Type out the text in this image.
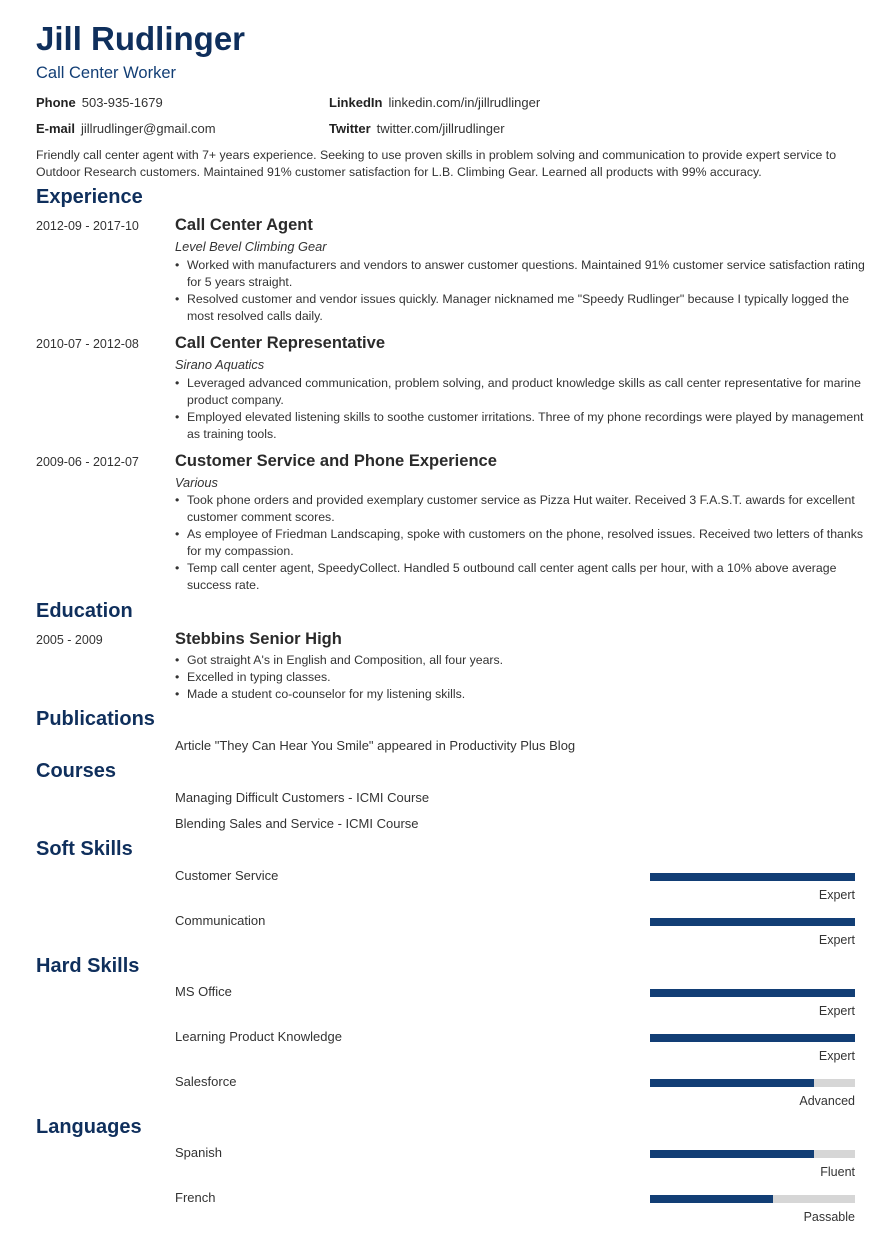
Jill Rudlinger
Call Center Worker
Phone 503-935-1679	LinkedIn linkedin.com/in/jillrudlinger
E-mail jillrudlinger@gmail.com	Twitter twitter.com/jillrudlinger
Friendly call center agent with 7+ years experience. Seeking to use proven skills in problem solving and communication to provide expert service to Outdoor Research customers. Maintained 91% customer satisfaction for L.B. Climbing Gear. Learned all products with 99% accuracy.
Experience
2012-09 - 2017-10 Call Center Agent
Level Bevel Climbing Gear
• Worked with manufacturers and vendors to answer customer questions. Maintained 91% customer service satisfaction rating for 5 years straight.
• Resolved customer and vendor issues quickly. Manager nicknamed me "Speedy Rudlinger" because I typically logged the most resolved calls daily.
2010-07 - 2012-08 Call Center Representative
Sirano Aquatics
• Leveraged advanced communication, problem solving, and product knowledge skills as call center representative for marine product company.
• Employed elevated listening skills to soothe customer irritations. Three of my phone recordings were played by management as training tools.
2009-06 - 2012-07 Customer Service and Phone Experience
Various
• Took phone orders and provided exemplary customer service as Pizza Hut waiter. Received 3 F.A.S.T. awards for excellent customer comment scores.
• As employee of Friedman Landscaping, spoke with customers on the phone, resolved issues. Received two letters of thanks for my compassion.
• Temp call center agent, SpeedyCollect. Handled 5 outbound call center agent calls per hour, with a 10% above average success rate.
Education
2005 - 2009	Stebbins Senior High
• Got straight A's in English and Composition, all four years.
• Excelled in typing classes.
• Made a student co-counselor for my listening skills.
Publications
Article "They Can Hear You Smile" appeared in Productivity Plus Blog
Courses
Managing Difficult Customers - ICMI Course
Blending Sales and Service - ICMI Course
Soft Skills
Customer Service
Expert
Communication
Expert
Hard Skills
MS Office
Expert
Learning Product Knowledge
Expert
Salesforce
Advanced
Languages
Spanish
Fluent
French
Passable
